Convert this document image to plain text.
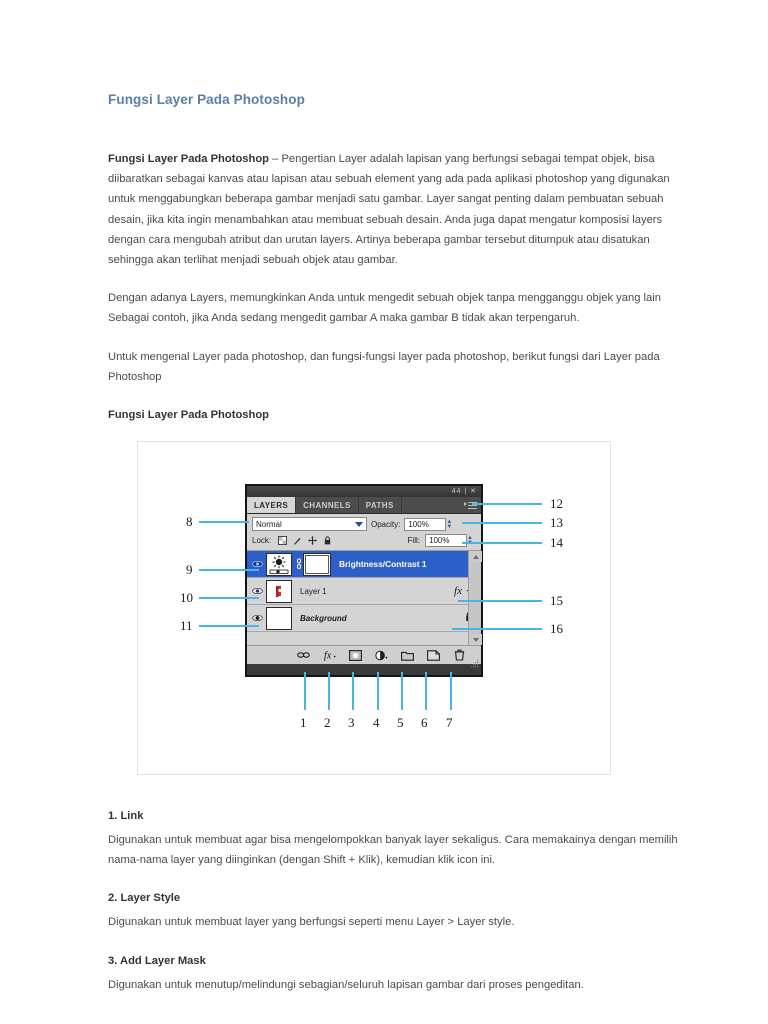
Fungsi Layer Pada Photoshop

Fungsi Layer Pada Photoshop – Pengertian Layer adalah lapisan yang berfungsi sebagai tempat objek, bisa diibaratkan sebagai kanvas atau lapisan atau sebuah element yang ada pada aplikasi photoshop yang digunakan untuk menggabungkan beberapa gambar menjadi satu gambar. Layer sangat penting dalam pembuatan sebuah desain, jika kita ingin menambahkan atau membuat sebuah desain. Anda juga dapat mengatur komposisi layers dengan cara mengubah atribut dan urutan layers. Artinya beberapa gambar tersebut ditumpuk atau disatukan sehingga akan terlihat menjadi sebuah objek atau gambar.

Dengan adanya Layers, memungkinkan Anda untuk mengedit sebuah objek tanpa mengganggu objek yang lain Sebagai contoh, jika Anda sedang mengedit gambar A maka gambar B tidak akan terpengaruh.

Untuk mengenal Layer pada photoshop, dan fungsi-fungsi layer pada photoshop, berikut fungsi dari Layer pada Photoshop

Fungsi Layer Pada Photoshop
44 | ✕
LAYERS	CHANNELS	PATHS
Normal	Opacity: 100%	▲
▼
Lock:	Fill: 100%	▲

Brightness/Contrast 1
Layer 1	fx
Background
fx
8
9
10
11
12
13
14
15
16
1 2 3 4 5 6 7
1. Link

Digunakan untuk membuat agar bisa mengelompokkan banyak layer sekaligus. Cara memakainya dengan memilih nama-nama layer yang diinginkan (dengan Shift + Klik), kemudian klik icon ini.

2. Layer Style

Digunakan untuk membuat layer yang berfungsi seperti menu Layer > Layer style.

3. Add Layer Mask

Digunakan untuk menutup/melindungi sebagian/seluruh lapisan gambar dari proses pengeditan.
